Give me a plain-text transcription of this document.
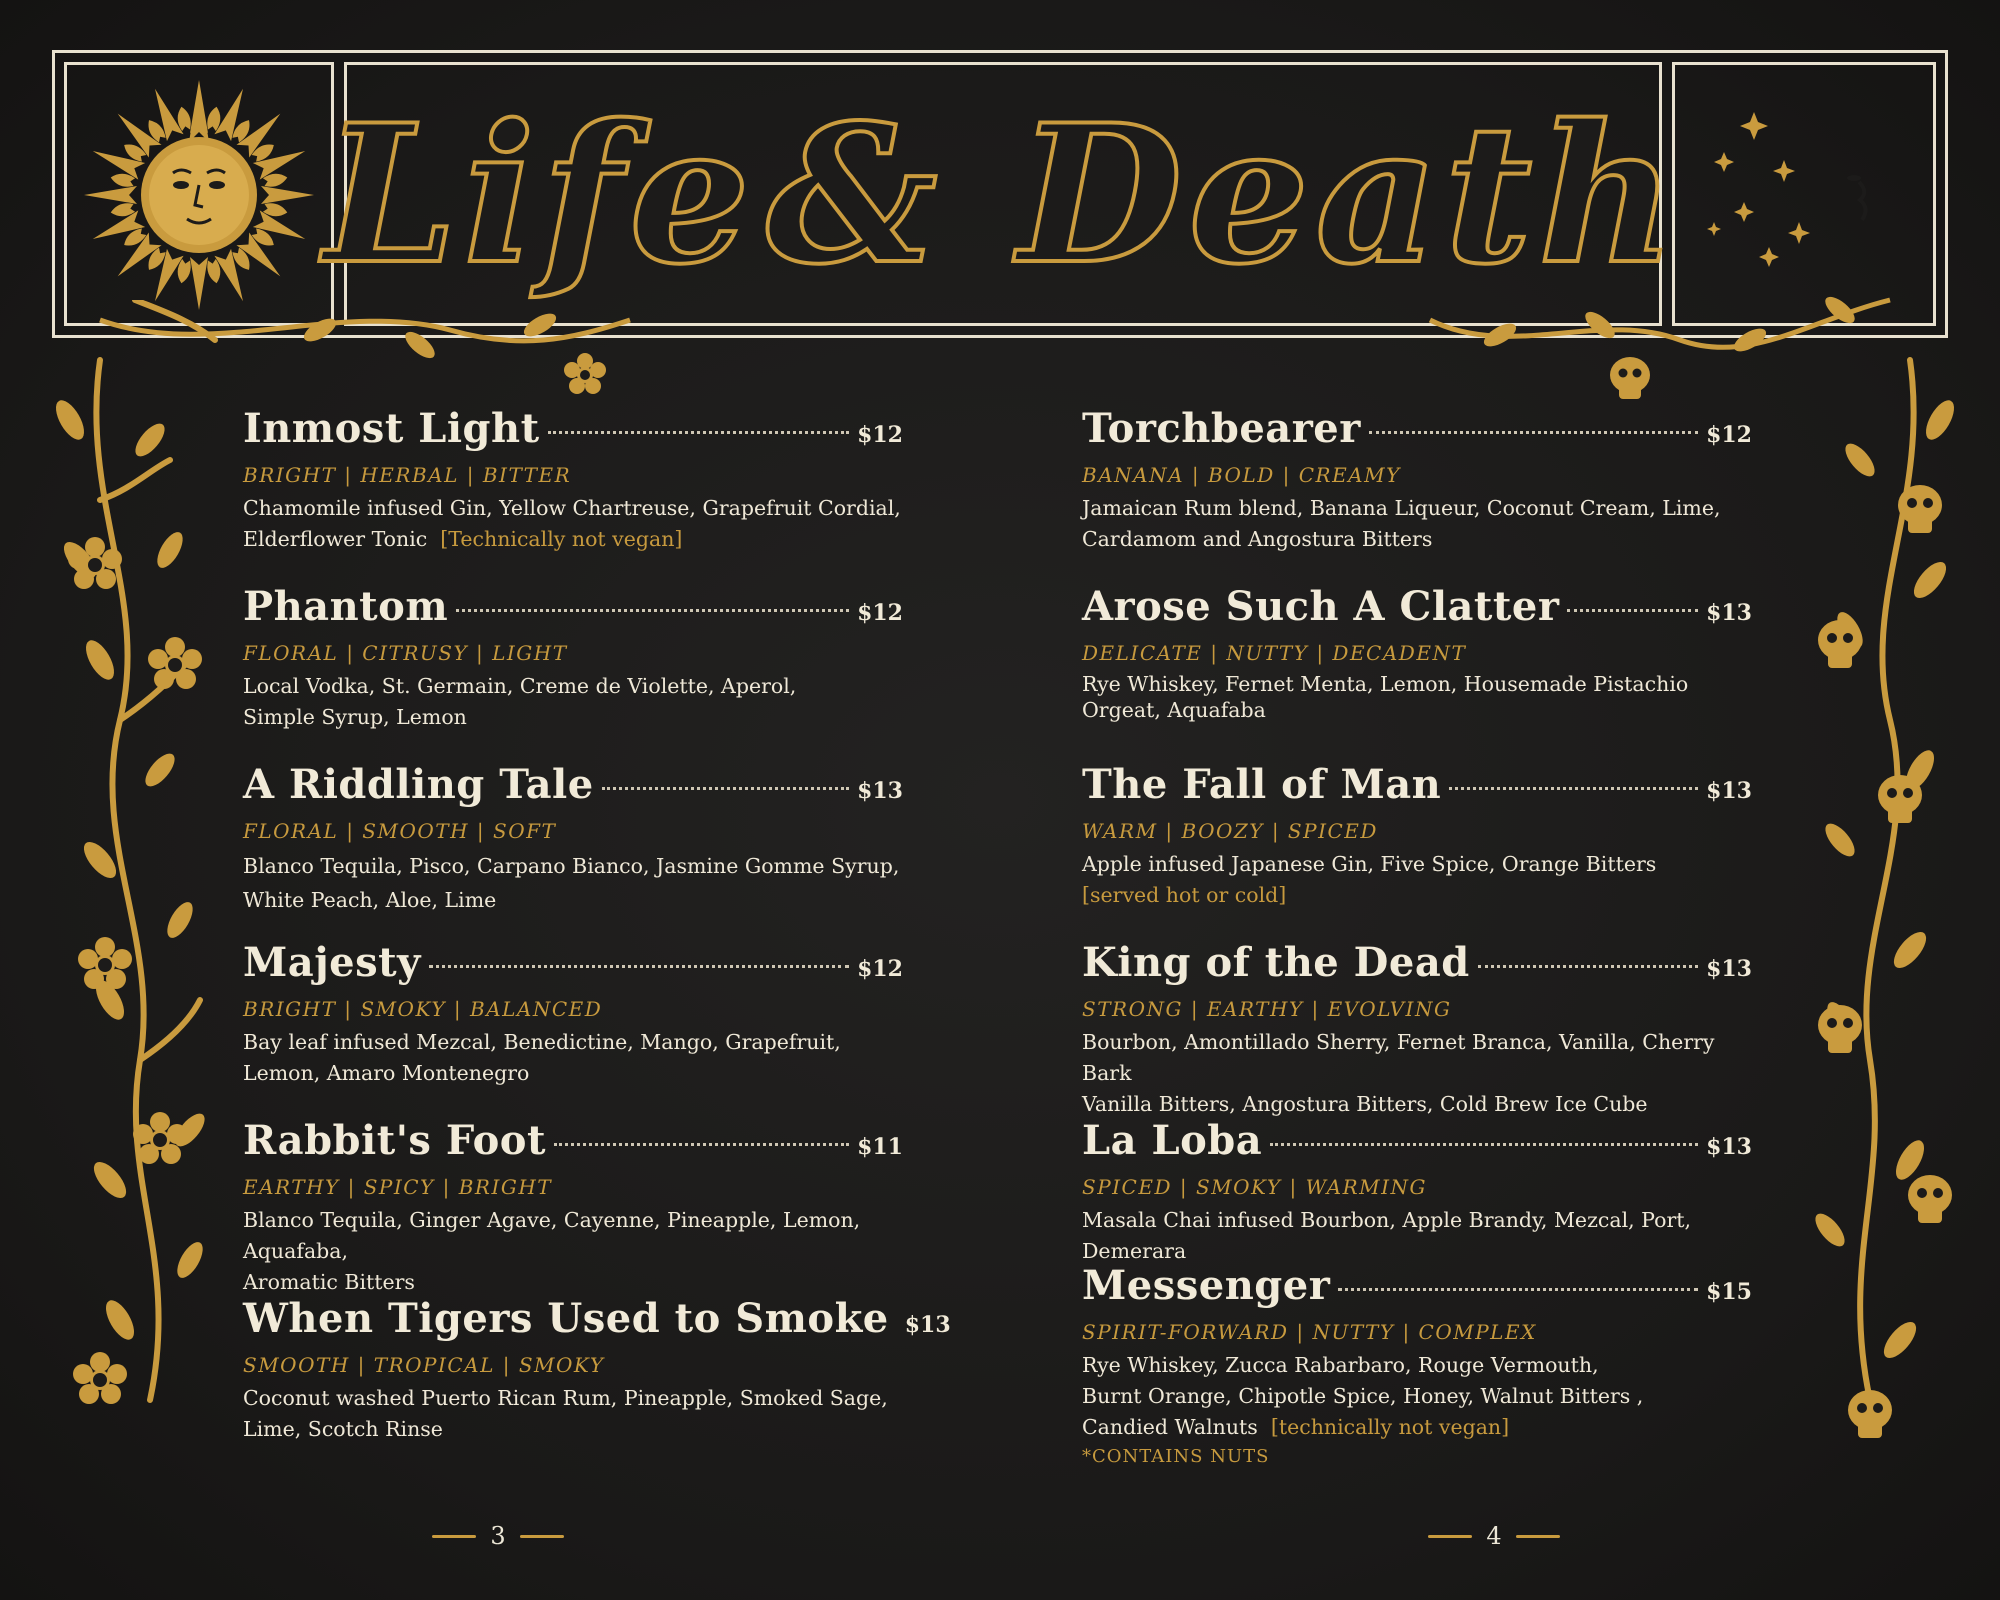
Life & Death
Inmost Light	$12
BRIGHT | HERBAL | BITTER
Chamomile infused Gin, Yellow Chartreuse, Grapefruit Cordial,
Elderflower Tonic [Technically not vegan]
Phantom	$12
FLORAL | CITRUSY | LIGHT
Local Vodka, St. Germain, Creme de Violette, Aperol,
Simple Syrup, Lemon
A Riddling Tale	$13
FLORAL | SMOOTH | SOFT
Blanco Tequila, Pisco, Carpano Bianco, Jasmine Gomme Syrup,
White Peach, Aloe, Lime
Majesty	$12
BRIGHT | SMOKY | BALANCED
Bay leaf infused Mezcal, Benedictine, Mango, Grapefruit,
Lemon, Amaro Montenegro
Rabbit's Foot	$11
EARTHY | SPICY | BRIGHT
Blanco Tequila, Ginger Agave, Cayenne, Pineapple, Lemon, Aquafaba,
Aromatic Bitters
When Tigers Used to Smoke $13
SMOOTH | TROPICAL | SMOKY
Coconut washed Puerto Rican Rum, Pineapple, Smoked Sage,
Lime, Scotch Rinse
Torchbearer	$12
BANANA | BOLD | CREAMY
Jamaican Rum blend, Banana Liqueur, Coconut Cream, Lime,
Cardamom and Angostura Bitters
Arose Such A Clatter	$13
DELICATE | NUTTY | DECADENT
Rye Whiskey, Fernet Menta, Lemon, Housemade Pistachio
Orgeat, Aquafaba
The Fall of Man	$13
WARM | BOOZY | SPICED
Apple infused Japanese Gin, Five Spice, Orange Bitters
[served hot or cold]
King of the Dead	$13
STRONG | EARTHY | EVOLVING
Bourbon, Amontillado Sherry, Fernet Branca, Vanilla, Cherry Bark
Vanilla Bitters, Angostura Bitters, Cold Brew Ice Cube
La Loba	$13
SPICED | SMOKY | WARMING
Masala Chai infused Bourbon, Apple Brandy, Mezcal, Port, Demerara
Messenger	$15
SPIRIT-FORWARD | NUTTY | COMPLEX
Rye Whiskey, Zucca Rabarbaro, Rouge Vermouth,
Burnt Orange, Chipotle Spice, Honey, Walnut Bitters ,
Candied Walnuts [technically not vegan]
*CONTAINS NUTS
3	4
